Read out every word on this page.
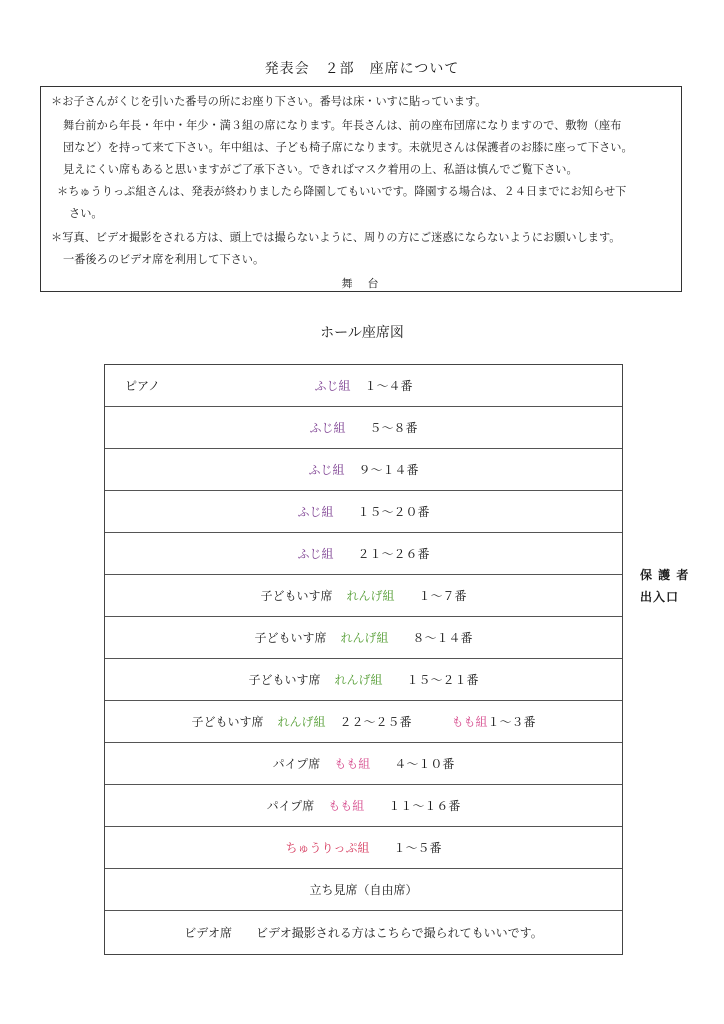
発表会　２部　座席について
＊お子さんがくじを引いた番号の所にお座り下さい。番号は床・いすに貼っています。
舞台前から年長・年中・年少・満３組の席になります。年長さんは、前の座布団席になりますので、敷物（座布
団など）を持って来て下さい。年中組は、子ども椅子席になります。未就児さんは保護者のお膝に座って下さい。
見えにくい席もあると思いますがご了承下さい。できればマスク着用の上、私語は慎んでご覧下さい。
＊ちゅうりっぷ組さんは、発表が終わりましたら降園してもいいです。降園する場合は、２４日までにお知らせ下
さい。
＊写真、ビデオ撮影をされる方は、頭上では撮らないように、周りの方にご迷惑にならないようにお願いします。
一番後ろのビデオ席を利用して下さい。
舞　台
ホール座席図
ピアノ	ふじ組 １～４番
ふじ組 ５～８番
ふじ組 ９～１４番
ふじ組 １５～２０番
ふじ組 ２１～２６番
子どもいす席 れんげ組 １～７番
子どもいす席 れんげ組 ８～１４番
子どもいす席 れんげ組 １５～２１番
子どもいす席 れんげ組 ２２～２５番	もも組 １～３番
パイプ席 もも組 ４～１０番
パイプ席 もも組 １１～１６番
ちゅうりっぷ組 １～５番
立ち見席（自由席）
ビデオ席 ビデオ撮影される方はこちらで撮られてもいいです。
保 護 者
出入口
